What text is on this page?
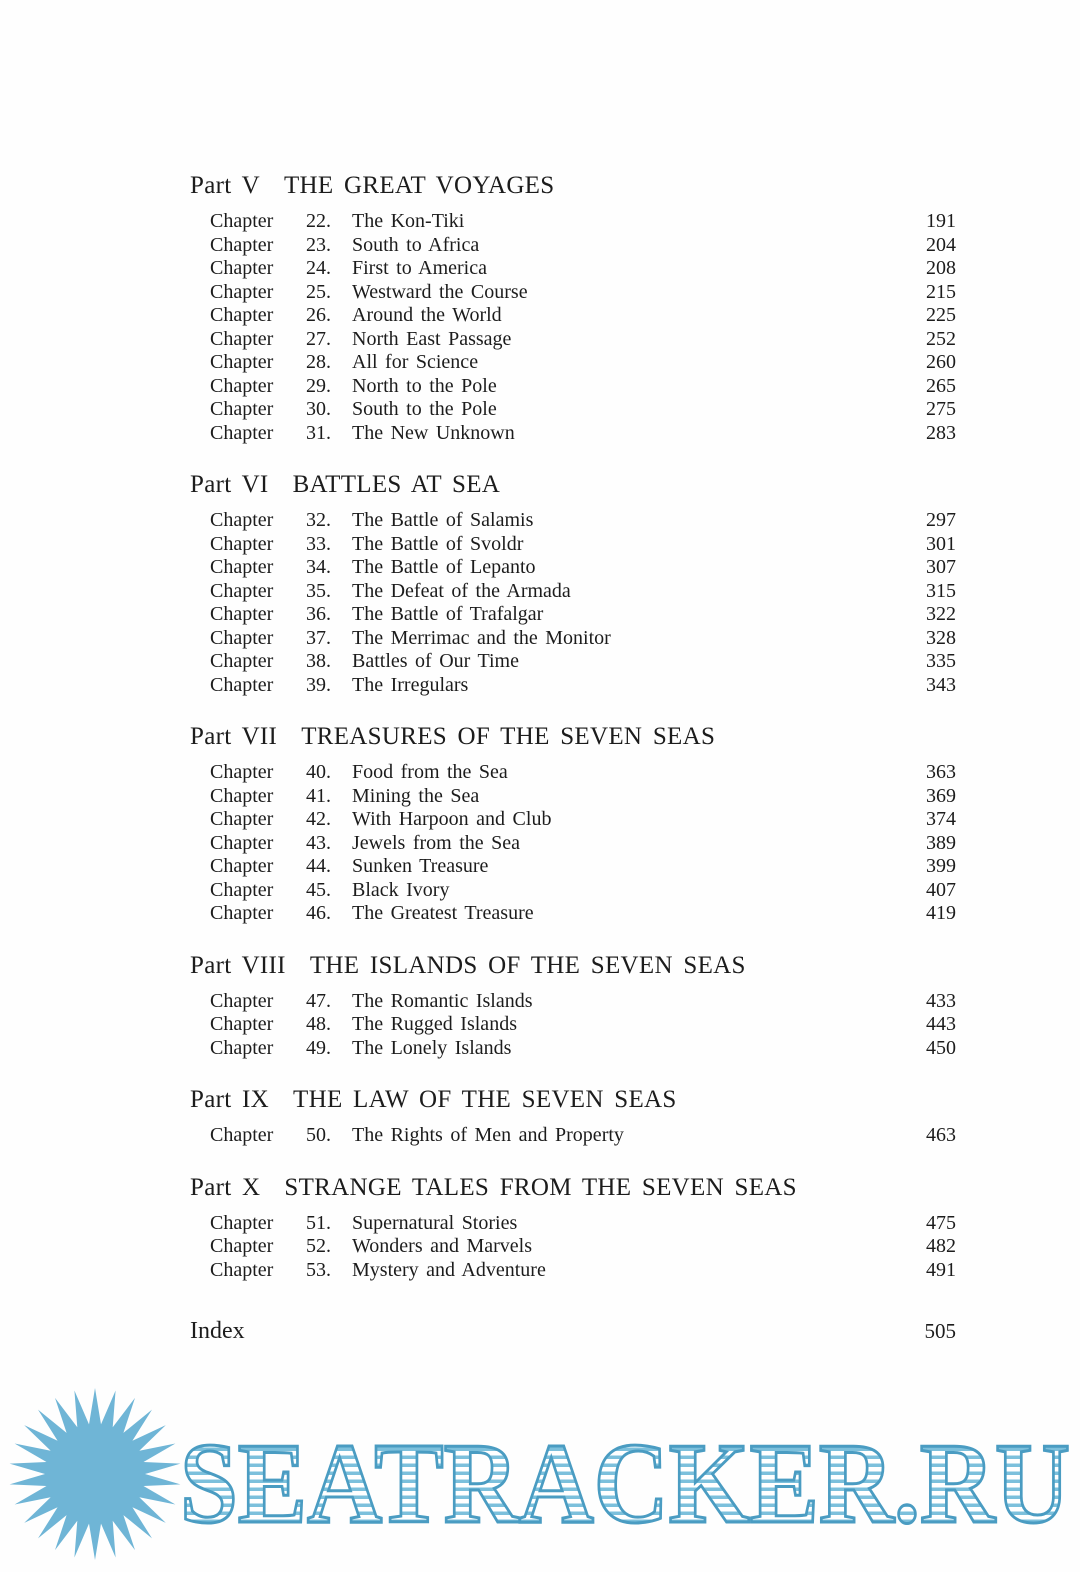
Part V THE GREAT VOYAGES
Chapter	22.	The Kon-Tiki	191
Chapter	23.	South to Africa	204
Chapter	24.	First to America	208
Chapter	25.	Westward the Course	215
Chapter	26.	Around the World	225
Chapter	27.	North East Passage	252
Chapter	28.	All for Science	260
Chapter	29.	North to the Pole	265
Chapter	30.	South to the Pole	275
Chapter	31.	The New Unknown	283
Part VI BATTLES AT SEA
Chapter	32.	The Battle of Salamis	297
Chapter	33.	The Battle of Svoldr	301
Chapter	34.	The Battle of Lepanto	307
Chapter	35.	The Defeat of the Armada	315
Chapter	36.	The Battle of Trafalgar	322
Chapter	37.	The Merrimac and the Monitor	328
Chapter	38.	Battles of Our Time	335
Chapter	39.	The Irregulars	343
Part VII TREASURES OF THE SEVEN SEAS
Chapter	40.	Food from the Sea	363
Chapter	41.	Mining the Sea	369
Chapter	42.	With Harpoon and Club	374
Chapter	43.	Jewels from the Sea	389
Chapter	44.	Sunken Treasure	399
Chapter	45.	Black Ivory	407
Chapter	46.	The Greatest Treasure	419
Part VIII THE ISLANDS OF THE SEVEN SEAS
Chapter	47.	The Romantic Islands	433
Chapter	48.	The Rugged Islands	443
Chapter	49.	The Lonely Islands	450
Part IX THE LAW OF THE SEVEN SEAS
Chapter	50.	The Rights of Men and Property	463
Part X STRANGE TALES FROM THE SEVEN SEAS
Chapter	51.	Supernatural Stories	475
Chapter	52.	Wonders and Marvels	482
Chapter	53.	Mystery and Adventure	491
Index	505
SEATRACKER.RU
